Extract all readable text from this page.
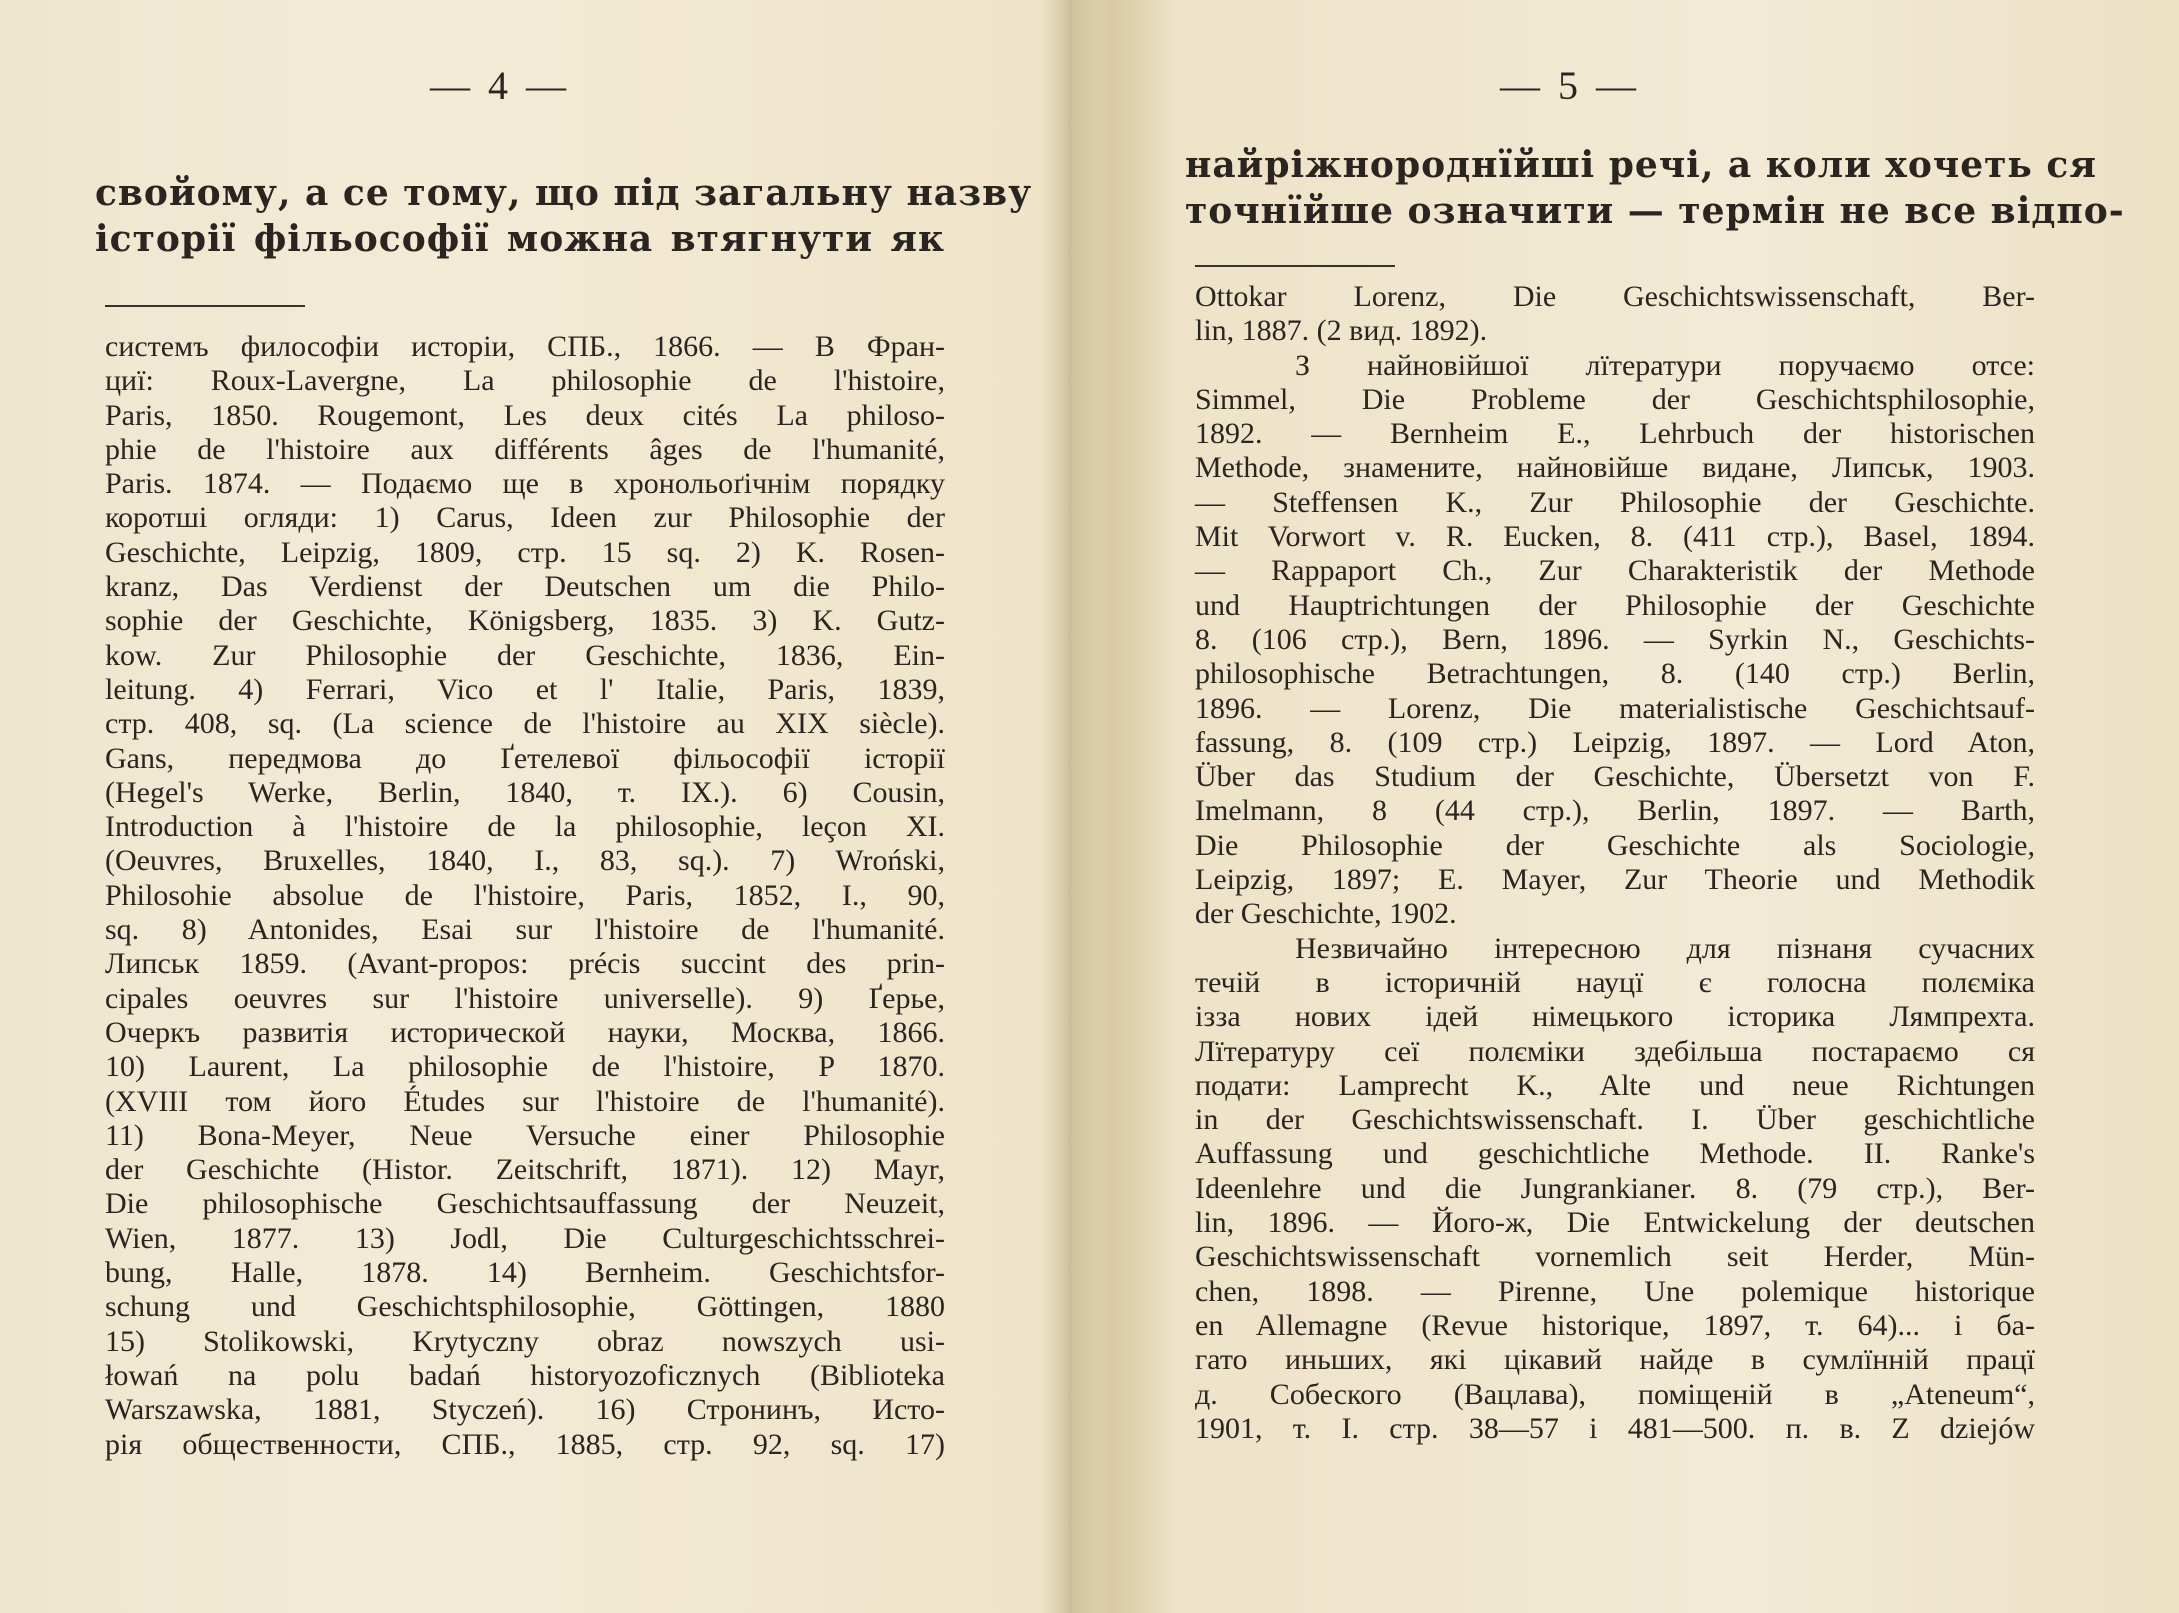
— 4 —
свойому, а се тому, що під загальну назву
історії фільософії можна втягнути як
системъ философіи исторіи, СПБ., 1866. — В Фран-
циї: Roux-Lavergne, La philosophie de l'histoire,
Paris, 1850. Rougemont, Les deux cités La philoso-
phie de l'histoire aux différents âges de l'humanité,
Paris. 1874. — Подаємо ще в хронольоґічнім порядку
коротші огляди: 1) Carus, Ideen zur Philosophie der
Geschichte, Leipzig, 1809, стр. 15 sq. 2) K. Rosen-
kranz, Das Verdienst der Deutschen um die Philo-
sophie der Geschichte, Königsberg, 1835. 3) K. Gutz-
kow. Zur Philosophie der Geschichte, 1836, Ein-
leitung. 4) Ferrari, Vico et l' Italie, Paris, 1839,
стр. 408, sq. (La science de l'histoire au XIX siècle).
Gans, передмова до Ґетелевої фільософії історії
(Hegel's Werke, Berlin, 1840, т. IX.). 6) Cousin,
Introduction à l'histoire de la philosophie, leçon XI.
(Oeuvres, Bruxelles, 1840, I., 83, sq.). 7) Wroński,
Philosohie absolue de l'histoire, Paris, 1852, I., 90,
sq. 8) Antonides, Esai sur l'histoire de l'humanité.
Липськ 1859. (Avant-propos: précis succint des prin-
cipales oeuvres sur l'histoire universelle). 9) Ґерье,
Очеркъ развитія исторической науки, Москва, 1866.
10) Laurent, La philosophie de l'histoire, P 1870.
(XVIII том його Études sur l'histoire de l'humanité).
11) Bona-Meyer, Neue Versuche einer Philosophie
der Geschichte (Histor. Zeitschrift, 1871). 12) Mayr,
Die philosophische Geschichtsauffassung der Neuzeit,
Wien, 1877. 13) Jodl, Die Culturgeschichtsschrei-
bung, Halle, 1878. 14) Bernheim. Geschichtsfor-
schung und Geschichtsphilosophie, Göttingen, 1880
15) Stolikowski, Krytyczny obraz nowszych usi-
łowań na polu badań historyozoficznych (Biblioteka
Warszawska, 1881, Styczeń). 16) Стронинъ, Исто-
рія общественности, СПБ., 1885, стр. 92, sq. 17)
— 5 —
найріжнороднїйші речі, а коли хочеть ся
точнїйше означити — термін не все відпо-
Ottokar Lorenz, Die Geschichtswissenschaft, Ber-
lin, 1887. (2 вид. 1892).
З найновійшої лїтератури поручаємо отсе:
Simmel, Die Probleme der Geschichtsphilosophie,
1892. — Bernheim E., Lehrbuch der historischen
Methode, знамените, найновійше видане, Липськ, 1903.
— Steffensen K., Zur Philosophie der Geschichte.
Mit Vorwort v. R. Eucken, 8. (411 стр.), Basel, 1894.
— Rappaport Ch., Zur Charakteristik der Methode
und Hauptrichtungen der Philosophie der Geschichte
8. (106 стр.), Bern, 1896. — Syrkin N., Geschichts-
philosophische Betrachtungen, 8. (140 стр.) Berlin,
1896. — Lorenz, Die materialistische Geschichtsauf-
fassung, 8. (109 стр.) Leipzig, 1897. — Lord Aton,
Über das Studium der Geschichte, Übersetzt von F.
Imelmann, 8 (44 стр.), Berlin, 1897. — Barth,
Die Philosophie der Geschichte als Sociologie,
Leipzig, 1897; E. Mayer, Zur Theorie und Methodik
der Geschichte, 1902.
Незвичайно інтересною для пізнаня сучасних
течій в історичній науцї є голосна полєміка
ізза нових ідей німецького історика Лямпрехта.
Лїтературу сеї полєміки здебільша постараємо ся
подати: Lamprecht K., Alte und neue Richtungen
in der Geschichtswissenschaft. I. Über geschichtliche
Auffassung und geschichtliche Methode. II. Ranke's
Ideenlehre und die Jungrankianer. 8. (79 стр.), Ber-
lin, 1896. — Його-ж, Die Entwickelung der deutschen
Geschichtswissenschaft vornemlich seit Herder, Mün-
chen, 1898. — Pirenne, Une polemique historique
en Allemagne (Revue historique, 1897, т. 64)... і ба-
гато иньших, які цікавий найде в сумлїнній працї
д. Собеского (Вацлава), поміщеній в „Ateneum“,
1901, т. I. стр. 38—57 і 481—500. п. в. Z dziejów
